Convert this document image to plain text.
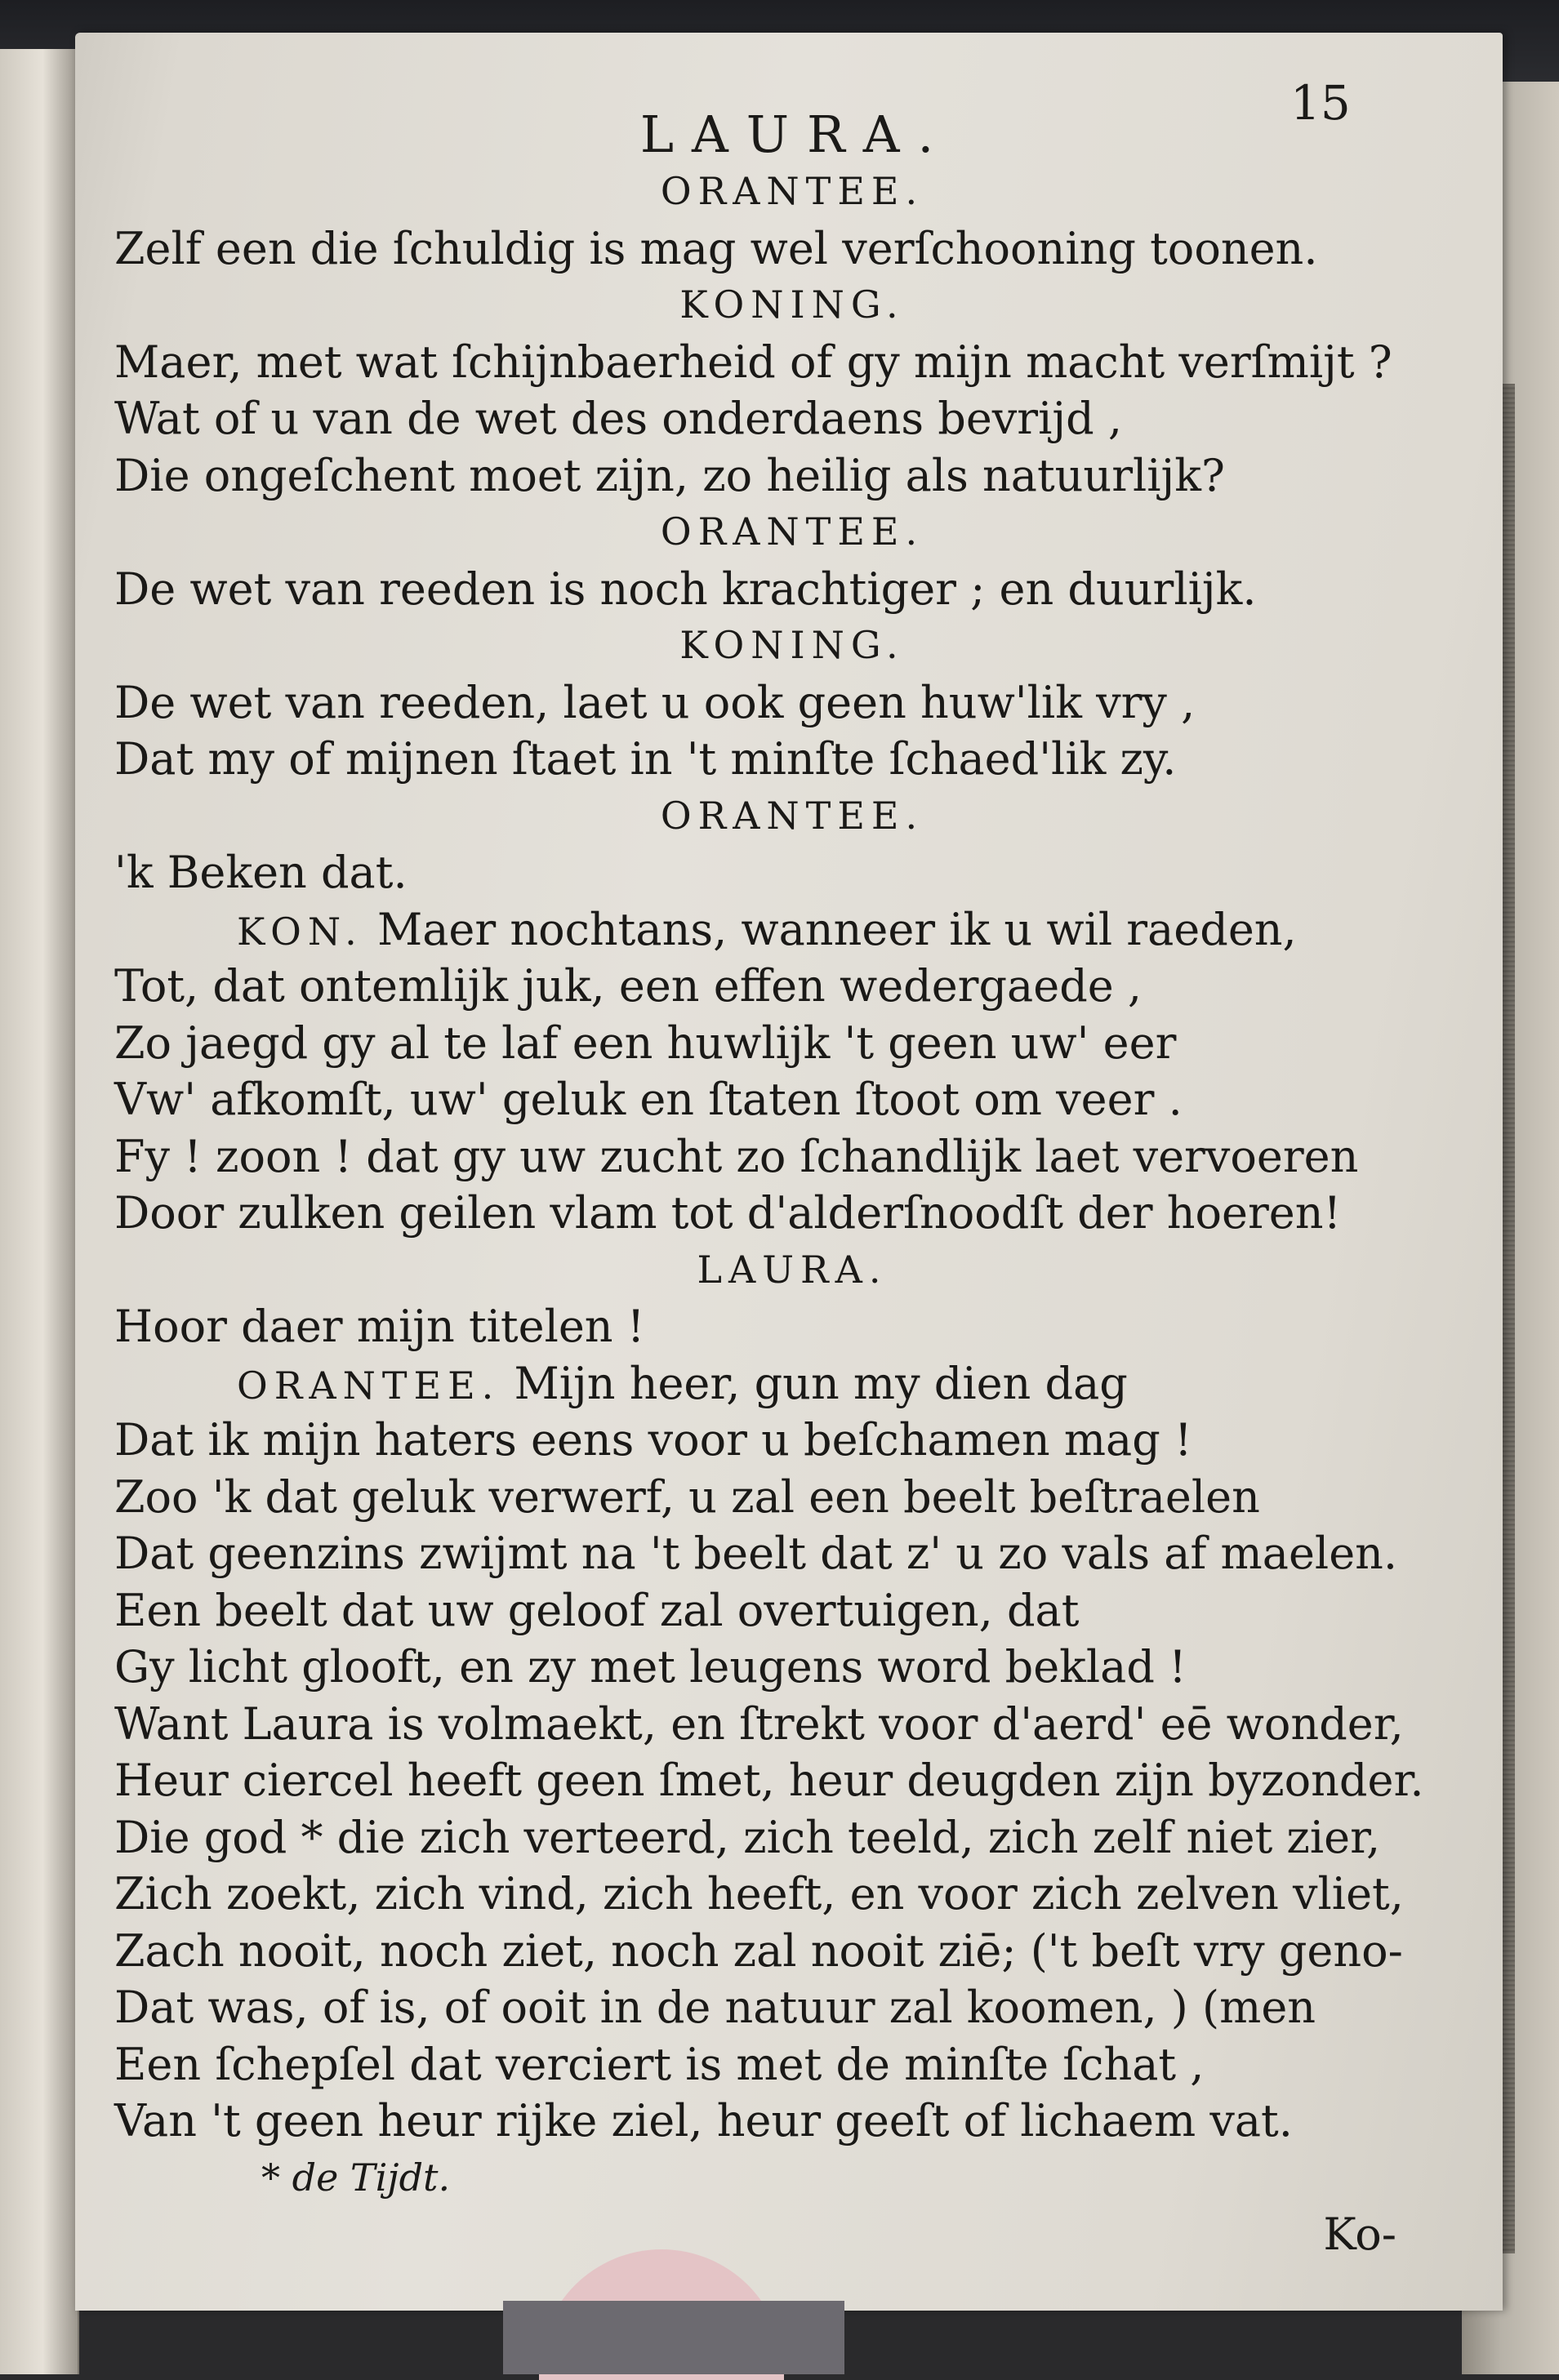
LAURA.
15
ORANTEE.
Zelf een die ſchuldig is mag wel verſchooning toonen.
KONING.
Maer, met wat ſchijnbaerheid of gy mijn macht verſmijt ?
Wat of u van de wet des onderdaens bevrijd ,
Die ongeſchent moet zijn, zo heilig als natuurlijk?
ORANTEE.
De wet van reeden is noch krachtiger ; en duurlijk.
KONING.
De wet van reeden, laet u ook geen huw'lik vry ,
Dat my of mijnen ſtaet in 't minſte ſchaed'lik zy.
ORANTEE.
'k Beken dat.
KON. Maer nochtans, wanneer ik u wil raeden,
Tot, dat ontemlijk juk, een effen wedergaede ,
Zo jaegd gy al te laf een huwlijk 't geen uw' eer
Vw' afkomſt, uw' geluk en ſtaten ſtoot om veer .
Fy ! zoon ! dat gy uw zucht zo ſchandlijk laet vervoeren
Door zulken geilen vlam tot d'alderſnoodſt der hoeren!
LAURA.
Hoor daer mijn titelen !
ORANTEE. Mijn heer, gun my dien dag
Dat ik mijn haters eens voor u beſchamen mag !
Zoo 'k dat geluk verwerf, u zal een beelt beſtraelen
Dat geenzins zwijmt na 't beelt dat z' u zo vals af maelen.
Een beelt dat uw geloof zal overtuigen, dat
Gy licht glooft, en zy met leugens word beklad !
Want Laura is volmaekt, en ſtrekt voor d'aerd' eē wonder,
Heur ciercel heeft geen ſmet, heur deugden zijn byzonder.
Die god * die zich verteerd, zich teeld, zich zelf niet zier,
Zich zoekt, zich vind, zich heeft, en voor zich zelven vliet,
Zach nooit, noch ziet, noch zal nooit ziē; ('t beſt vry geno-
Dat was, of is, of ooit in de natuur zal koomen, ) (men
Een ſchepſel dat verciert is met de minſte ſchat ,
Van 't geen heur rijke ziel, heur geeſt of lichaem vat.
* de Tijdt.
Ko-
